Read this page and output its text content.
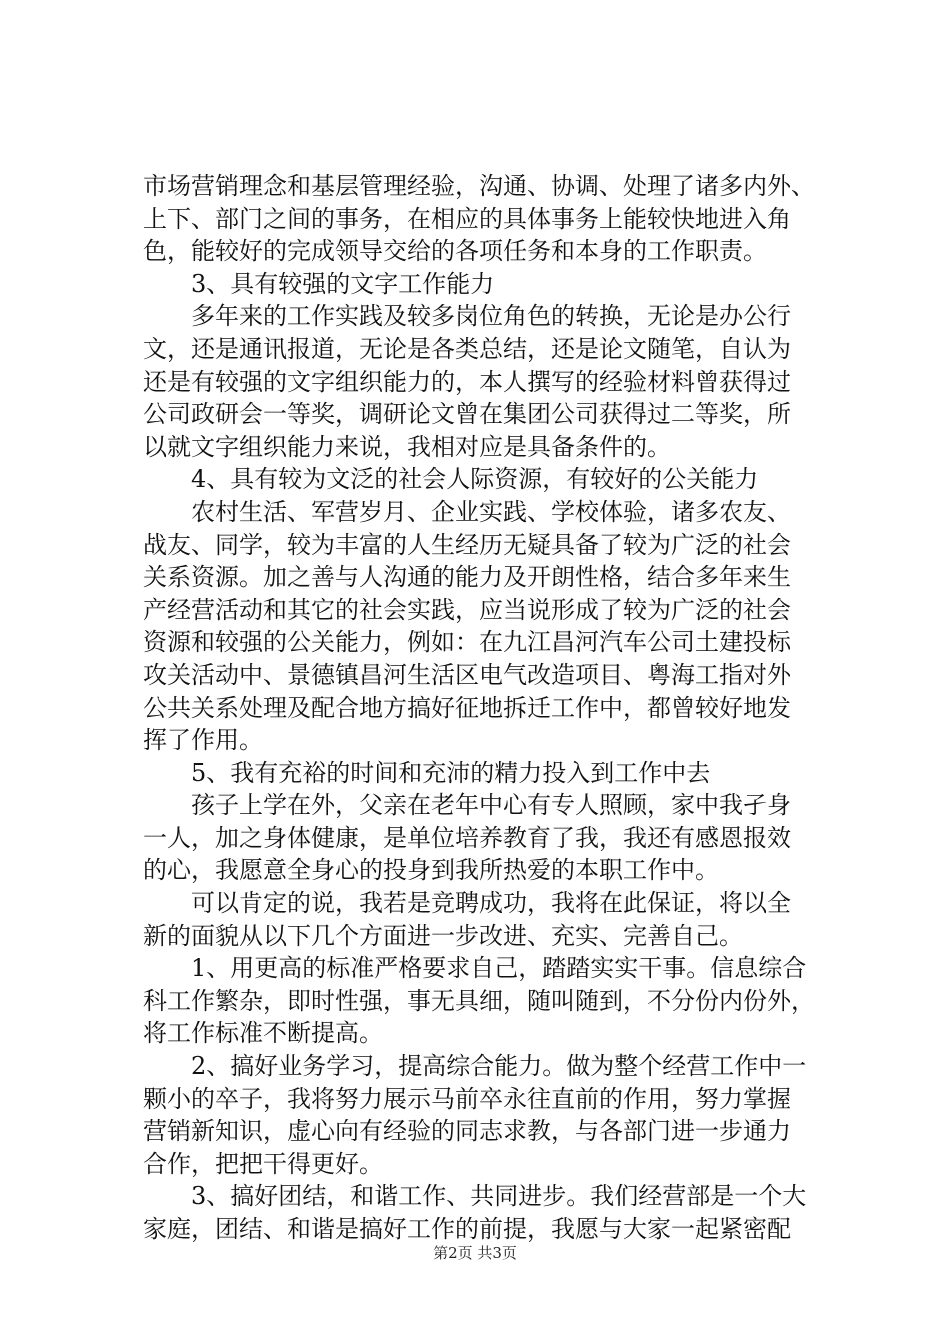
市场营销理念和基层管理经验，沟通、协调、处理了诸多内外、
上下、部门之间的事务，在相应的具体事务上能较快地进入角
色，能较好的完成领导交给的各项任务和本身的工作职责。
　　3、具有较强的文字工作能力
　　多年来的工作实践及较多岗位角色的转换，无论是办公行
文，还是通讯报道，无论是各类总结，还是论文随笔，自认为
还是有较强的文字组织能力的，本人撰写的经验材料曾获得过
公司政研会一等奖，调研论文曾在集团公司获得过二等奖，所
以就文字组织能力来说，我相对应是具备条件的。
　　4、具有较为文泛的社会人际资源，有较好的公关能力
　　农村生活、军营岁月、企业实践、学校体验，诸多农友、
战友、同学，较为丰富的人生经历无疑具备了较为广泛的社会
关系资源。加之善与人沟通的能力及开朗性格，结合多年来生
产经营活动和其它的社会实践，应当说形成了较为广泛的社会
资源和较强的公关能力，例如：在九江昌河汽车公司土建投标
攻关活动中、景德镇昌河生活区电气改造项目、粤海工指对外
公共关系处理及配合地方搞好征地拆迁工作中，都曾较好地发
挥了作用。
　　5、我有充裕的时间和充沛的精力投入到工作中去
　　孩子上学在外，父亲在老年中心有专人照顾，家中我孑身
一人，加之身体健康，是单位培养教育了我，我还有感恩报效
的心，我愿意全身心的投身到我所热爱的本职工作中。
　　可以肯定的说，我若是竞聘成功，我将在此保证，将以全
新的面貌从以下几个方面进一步改进、充实、完善自己。
　　1、用更高的标准严格要求自己，踏踏实实干事。信息综合
科工作繁杂，即时性强，事无具细，随叫随到，不分份内份外，
将工作标准不断提高。
　　2、搞好业务学习，提高综合能力。做为整个经营工作中一
颗小的卒子，我将努力展示马前卒永往直前的作用，努力掌握
营销新知识，虚心向有经验的同志求教，与各部门进一步通力
合作，把把干得更好。
　　3、搞好团结，和谐工作、共同进步。我们经营部是一个大
家庭，团结、和谐是搞好工作的前提，我愿与大家一起紧密配
第2页 共3页
